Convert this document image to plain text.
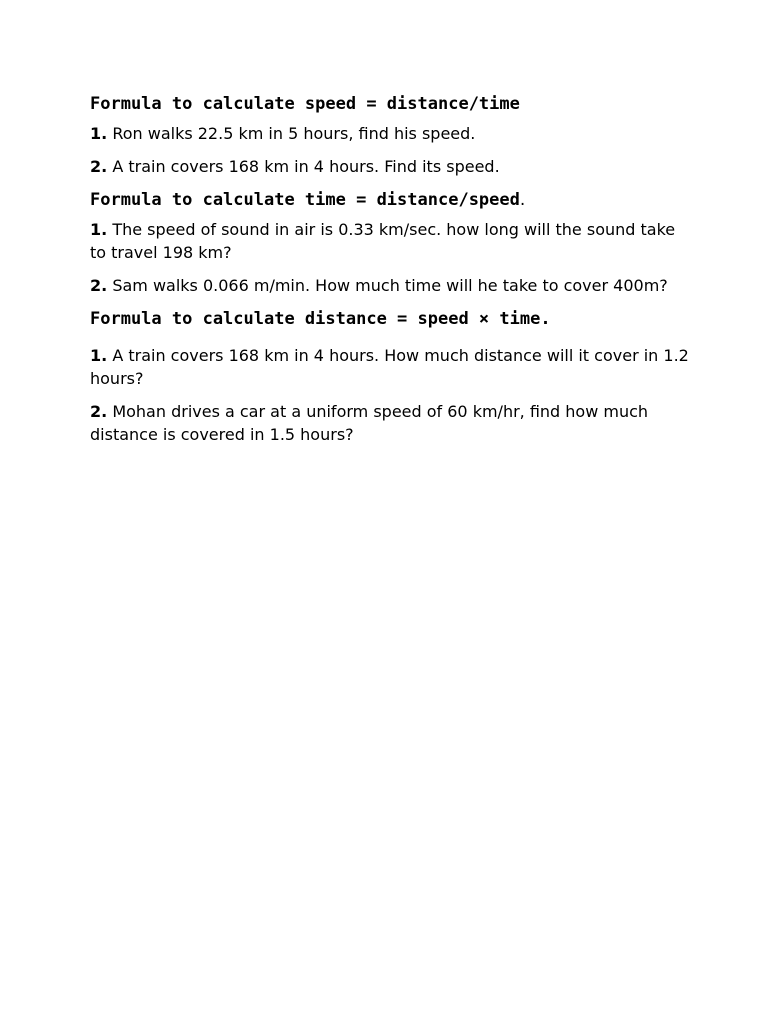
Formula to calculate speed = distance/time

1. Ron walks 22.5 km in 5 hours, find his speed.

2. A train covers 168 km in 4 hours. Find its speed.

Formula to calculate time = distance/speed.

1. The speed of sound in air is 0.33 km/sec. how long will the sound take to travel 198 km?

2. Sam walks 0.066 m/min. How much time will he take to cover 400m?

Formula to calculate distance = speed × time.

1. A train covers 168 km in 4 hours. How much distance will it cover in 1.2 hours?

2. Mohan drives a car at a uniform speed of 60 km/hr, find how much distance is covered in 1.5 hours?
